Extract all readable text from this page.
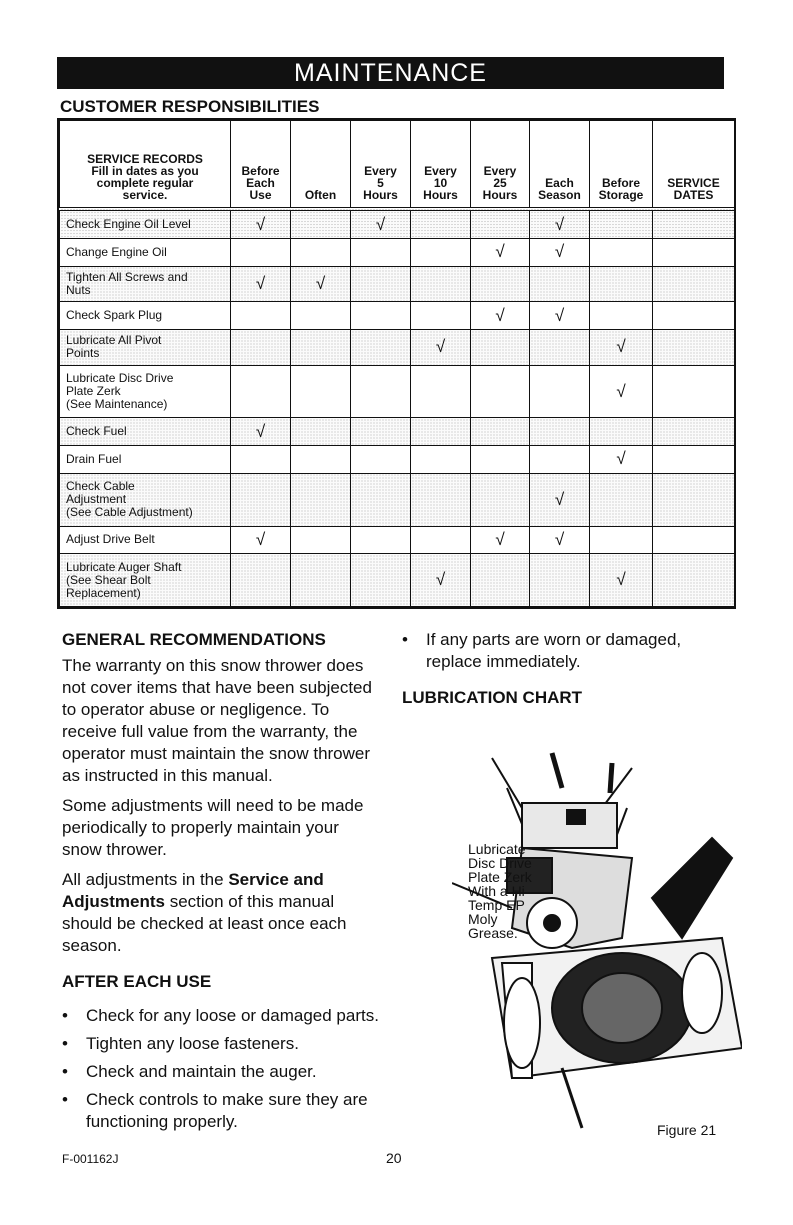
MAINTENANCE
CUSTOMER RESPONSIBILITIES
SERVICE RECORDS
Fill in dates as you
complete regular
service.	Before
Each
Use	Often	Every
5
Hours	Every
10
Hours	Every
25
Hours	Each
Season	Before
Storage	SERVICE
DATES	
Check Engine Oil Level	√		√			√			
Change Engine Oil					√	√			
Tighten All Screws and
Nuts	√	√							
Check Spark Plug					√	√			
Lubricate All Pivot
Points				√			√		
Lubricate Disc Drive
Plate Zerk
(See Maintenance)							√		
Check Fuel	√								
Drain Fuel							√		
Check Cable
Adjustment
(See Cable Adjustment)						√			
Adjust Drive Belt	√				√	√			
Lubricate Auger Shaft
(See Shear Bolt
Replacement)				√			√		
GENERAL RECOMMENDATIONS

The warranty on this snow thrower does not cover items that have been subjected to operator abuse or negligence. To receive full value from the warranty, the operator must maintain the snow thrower as instructed in this manual.

Some adjustments will need to be made periodically to properly maintain your snow thrower.

All adjustments in the Service and Adjustments section of this manual should be checked at least once each season.

AFTER EACH USE
• Check for any loose or damaged parts.
• Tighten any loose fasteners.
• Check and maintain the auger.
• Check controls to make sure they are functioning properly.
• If any parts are worn or damaged, replace immediately.
LUBRICATION CHART
Lubricate
Disc Drive
Plate Zerk
With a Hi
Temp EP
Moly
Grease.
Figure 21
F-001162J	20
